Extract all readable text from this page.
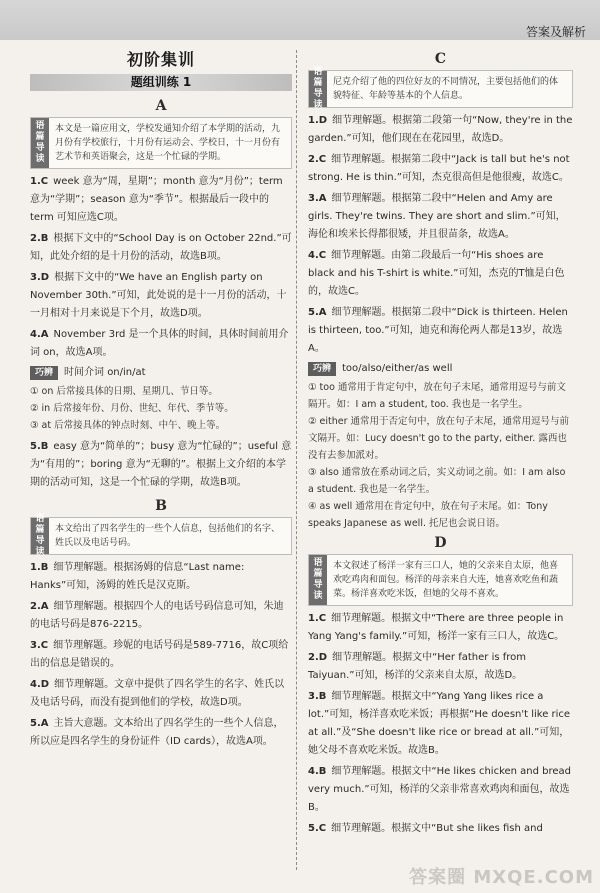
答案及解析
初阶集训
题组训练 1
A
语
篇
导
读
本文是一篇应用文，学校发通知介绍了本学期的活动，九月份有学校旅行，十月份有运动会、学校日，十一月份有艺术节和英语聚会，这是一个忙碌的学期。
1.C week 意为“周，星期”；month 意为“月份”；term 意为“学期”；season 意为“季节”。根据最后一段中的 term 可知应选C项。
2.B 根据下文中的“School Day is on October 22nd.”可知，此处介绍的是十月份的活动，故选B项。
3.D 根据下文中的“We have an English party on November 30th.”可知，此处说的是十一月份的活动，十一月相对十月来说是下个月，故选D项。
4.A November 3rd 是一个具体的时间，具体时间前用介词 on，故选A项。
巧辨	时间介词 on/in/at
① on 后常接具体的日期、星期几、节日等。
② in 后常接年份、月份、世纪、年代、季节等。
③ at 后常接具体的钟点时刻、中午、晚上等。
5.B easy 意为“简单的”；busy 意为“忙碌的”；useful 意为“有用的”；boring 意为“无聊的”。根据上文介绍的本学期的活动可知，这是一个忙碌的学期，故选B项。
B
语
篇
导
读
本文给出了四名学生的一些个人信息，包括他们的名字、姓氏以及电话号码。
1.B 细节理解题。根据汤姆的信息“Last name: Hanks”可知，汤姆的姓氏是汉克斯。
2.A 细节理解题。根据四个人的电话号码信息可知，朱迪的电话号码是876-2215。
3.C 细节理解题。珍妮的电话号码是589-7716，故C项给出的信息是错误的。
4.D 细节理解题。文章中提供了四名学生的名字、姓氏以及电话号码，而没有提到他们的学校，故选D项。
5.A 主旨大意题。文本给出了四名学生的一些个人信息，所以应是四名学生的身份证件（ID cards），故选A项。
C
语
篇
导
读
尼克介绍了他的四位好友的不同情况，主要包括他们的体貌特征、年龄等基本的个人信息。
1.D 细节理解题。根据第二段第一句“Now, they're in the garden.”可知，他们现在在花园里，故选D。
2.C 细节理解题。根据第二段中“Jack is tall but he's not strong. He is thin.”可知，杰克很高但是他很瘦，故选C。
3.A 细节理解题。根据第二段中“Helen and Amy are girls. They're twins. They are short and slim.”可知，海伦和埃米长得都很矮，并且很苗条，故选A。
4.C 细节理解题。由第二段最后一句“His shoes are black and his T-shirt is white.”可知，杰克的T恤是白色的，故选C。
5.A 细节理解题。根据第二段中“Dick is thirteen. Helen is thirteen, too.”可知，迪克和海伦两人都是13岁，故选A。
巧辨	too/also/either/as well
① too 通常用于肯定句中，放在句子末尾，通常用逗号与前文隔开。如：I am a student, too. 我也是一名学生。
② either 通常用于否定句中，放在句子末尾，通常用逗号与前文隔开。如：Lucy doesn't go to the party, either. 露西也没有去参加派对。
③ also 通常放在系动词之后，实义动词之前。如：I am also a student. 我也是一名学生。
④ as well 通常用在肯定句中，放在句子末尾。如：Tony speaks Japanese as well. 托尼也会说日语。
D
语
篇
导
读
本文叙述了杨洋一家有三口人，她的父亲来自太原，他喜欢吃鸡肉和面包。杨洋的母亲来自大连，她喜欢吃鱼和蔬菜。杨洋喜欢吃米饭，但她的父母不喜欢。
1.C 细节理解题。根据文中“There are three people in Yang Yang's family.”可知，杨洋一家有三口人，故选C。
2.D 细节理解题。根据文中“Her father is from Taiyuan.”可知，杨洋的父亲来自太原，故选D。
3.B 细节理解题。根据文中“Yang Yang likes rice a lot.”可知，杨洋喜欢吃米饭；再根据“He doesn't like rice at all.”及“She doesn't like rice or bread at all.”可知，她父母不喜欢吃米饭。故选B。
4.B 细节理解题。根据文中“He likes chicken and bread very much.”可知，杨洋的父亲非常喜欢鸡肉和面包，故选B。
5.C 细节理解题。根据文中“But she likes fish and
答案圈 MXQE.COM
